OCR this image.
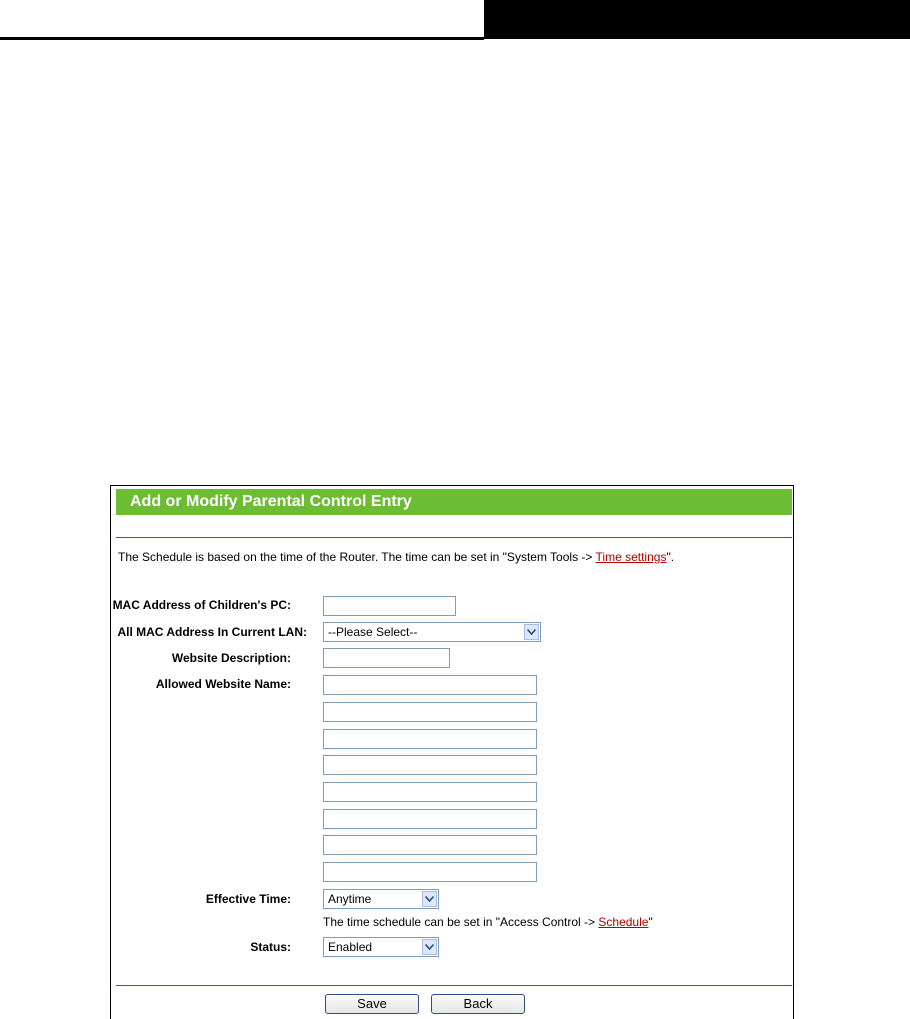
Add or Modify Parental Control Entry
The Schedule is based on the time of the Router. The time can be set in "System Tools -> Time settings".
MAC Address of Children's PC:
All MAC Address In Current LAN: --Please Select--
Website Description:
Allowed Website Name:
Effective Time:	Anytime
The time schedule can be set in "Access Control -> Schedule"
Status:	Enabled
Save	Back
